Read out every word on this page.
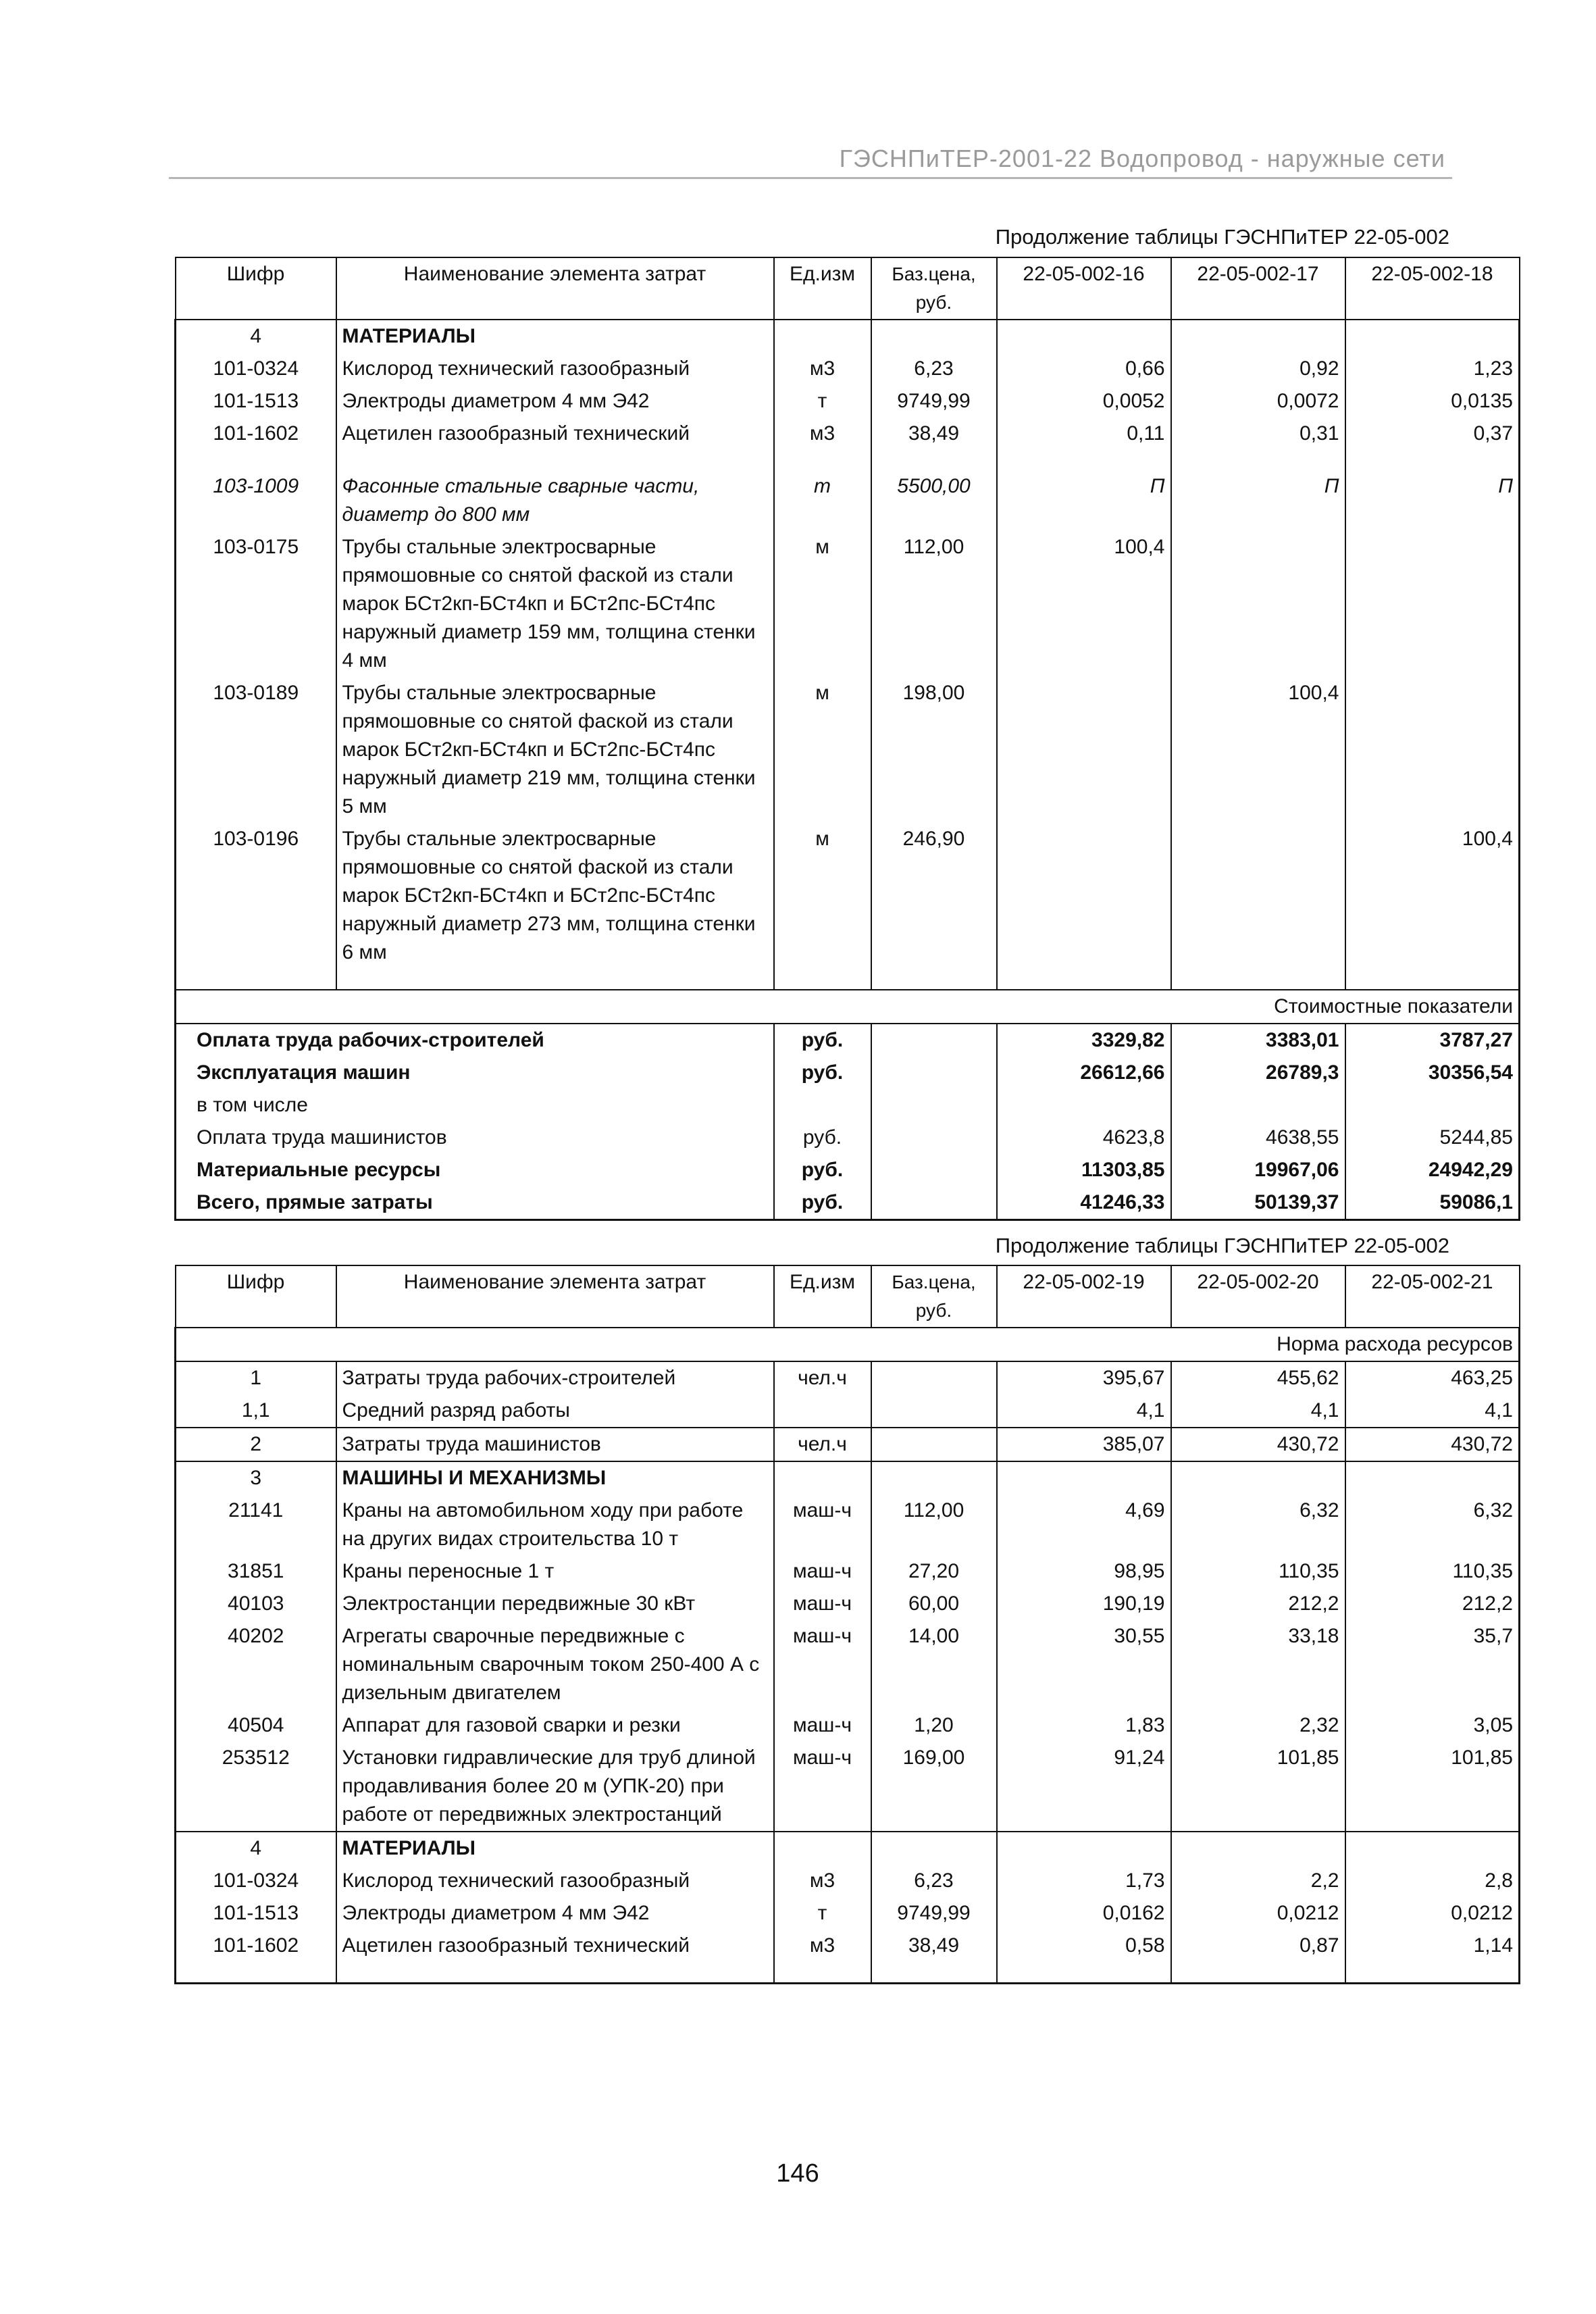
ГЭСНПиТЕР-2001-22 Водопровод - наружные сети
Продолжение таблицы ГЭСНПиТЕР 22-05-002
Шифр	Наименование элемента затрат	Ед.изм	Баз.цена, руб.	22-05-002-16	22-05-002-17	22-05-002-18
4	МАТЕРИАЛЫ					
101-0324	Кислород технический газообразный	м3	6,23	0,66	0,92	1,23
101-1513	Электроды диаметром 4 мм Э42	т	9749,99	0,0052	0,0072	0,0135
101-1602	Ацетилен газообразный технический	м3	38,49	0,11	0,31	0,37

103-1009	Фасонные стальные сварные части, диаметр до 800 мм	т	5500,00	П	П	П
103-0175	Трубы стальные электросварные прямошовные со снятой фаской из стали марок БСт2кп-БСт4кп и БСт2пс-БСт4пс наружный диаметр 159 мм, толщина стенки 4 мм	м	112,00	100,4		
103-0189	Трубы стальные электросварные прямошовные со снятой фаской из стали марок БСт2кп-БСт4кп и БСт2пс-БСт4пс наружный диаметр 219 мм, толщина стенки 5 мм	м	198,00		100,4	
103-0196	Трубы стальные электросварные прямошовные со снятой фаской из стали марок БСт2кп-БСт4кп и БСт2пс-БСт4пс наружный диаметр 273 мм, толщина стенки 6 мм	м	246,90			100,4

Стоимостные показатели						
Оплата труда рабочих-строителей		руб.		3329,82	3383,01	3787,27
Эксплуатация машин		руб.		26612,66	26789,3	30356,54
в том числе						
Оплата труда машинистов		руб.		4623,8	4638,55	5244,85
Материальные ресурсы		руб.		11303,85	19967,06	24942,29
Всего, прямые затраты		руб.		41246,33	50139,37	59086,1
Продолжение таблицы ГЭСНПиТЕР 22-05-002
Шифр	Наименование элемента затрат	Ед.изм	Баз.цена, руб.	22-05-002-19	22-05-002-20	22-05-002-21
Норма расхода ресурсов						
1	Затраты труда рабочих-строителей	чел.ч		395,67	455,62	463,25
1,1	Средний разряд работы			4,1	4,1	4,1
2	Затраты труда машинистов	чел.ч		385,07	430,72	430,72
3	МАШИНЫ И МЕХАНИЗМЫ					
21141	Краны на автомобильном ходу при работе на других видах строительства 10 т	маш-ч	112,00	4,69	6,32	6,32
31851	Краны переносные 1 т	маш-ч	27,20	98,95	110,35	110,35
40103	Электростанции передвижные 30 кВт	маш-ч	60,00	190,19	212,2	212,2
40202	Агрегаты сварочные передвижные с номинальным сварочным током 250-400 А с дизельным двигателем	маш-ч	14,00	30,55	33,18	35,7
40504	Аппарат для газовой сварки и резки	маш-ч	1,20	1,83	2,32	3,05
253512	Установки гидравлические для труб длиной продавливания более 20 м (УПК-20) при работе от передвижных электростанций	маш-ч	169,00	91,24	101,85	101,85
4	МАТЕРИАЛЫ					
101-0324	Кислород технический газообразный	м3	6,23	1,73	2,2	2,8
101-1513	Электроды диаметром 4 мм Э42	т	9749,99	0,0162	0,0212	0,0212
101-1602	Ацетилен газообразный технический	м3	38,49	0,58	0,87	1,14

146
